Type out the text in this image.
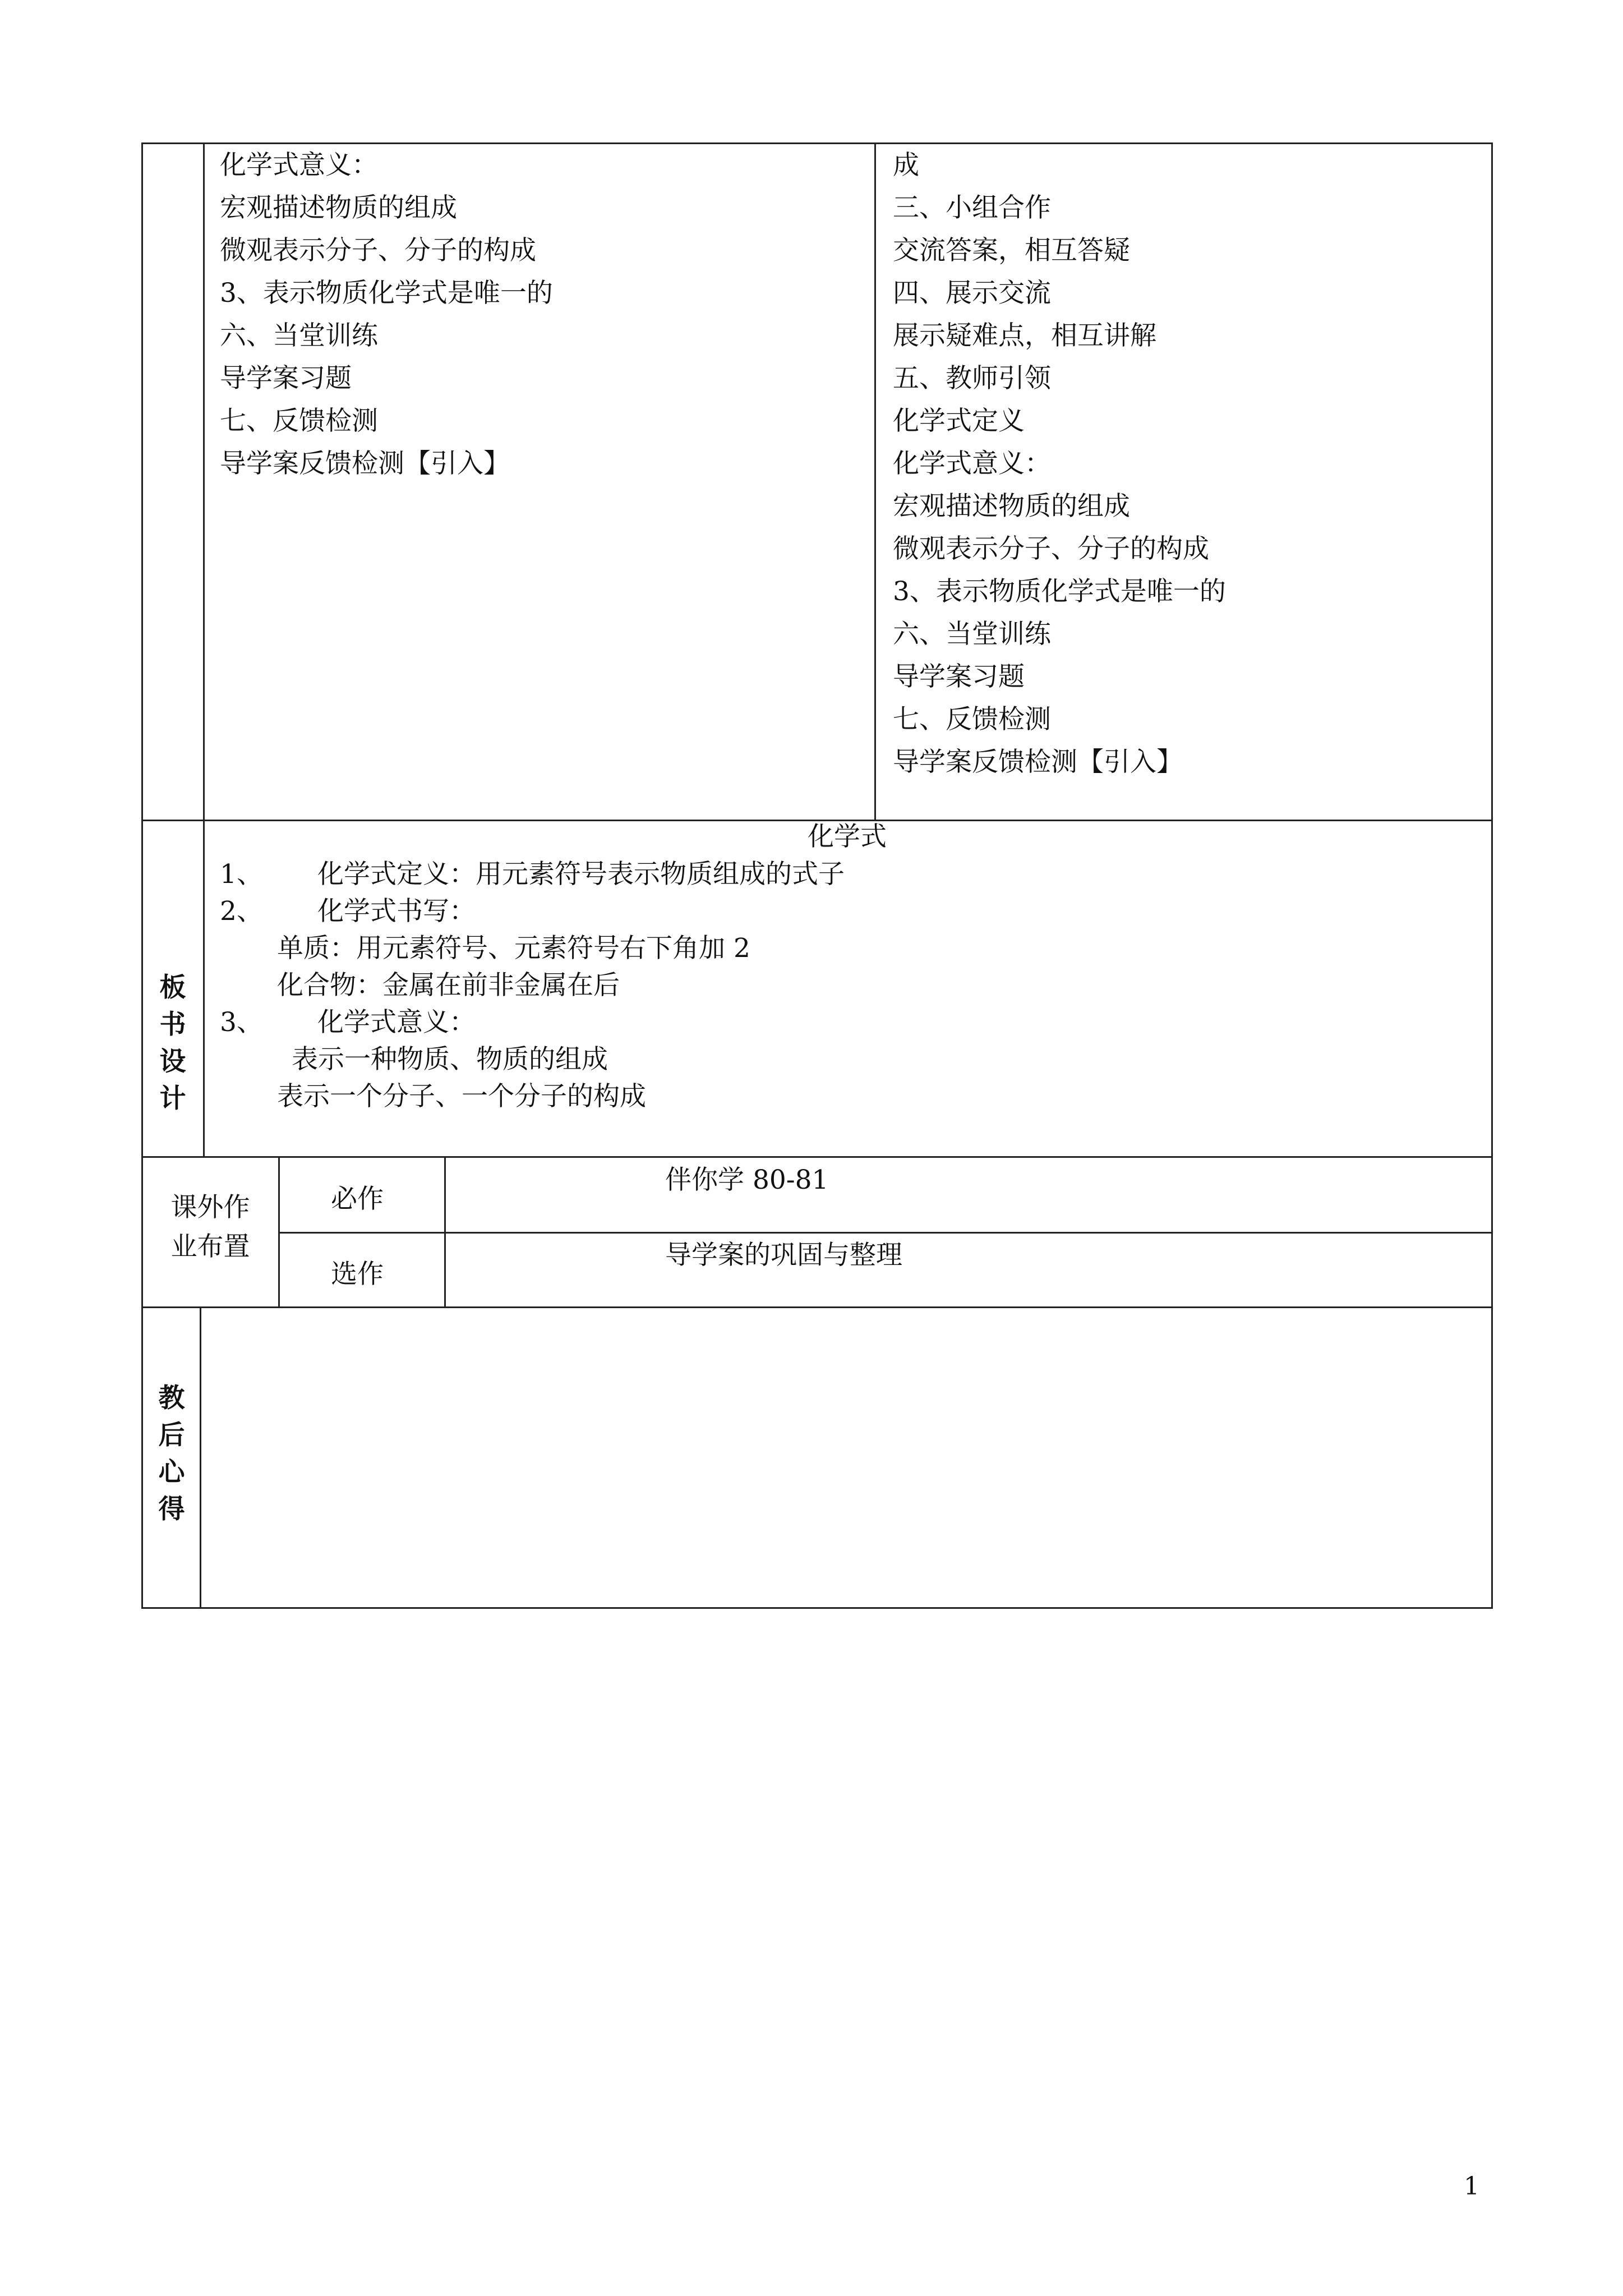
化学式意义：
宏观描述物质的组成
微观表示分子、分子的构成
3、表示物质化学式是唯一的
六、当堂训练
导学案习题
七、反馈检测
导学案反馈检测【引入】
成
三、小组合作
交流答案，相互答疑
四、展示交流
展示疑难点，相互讲解
五、教师引领
化学式定义
化学式意义：
宏观描述物质的组成
微观表示分子、分子的构成
3、表示物质化学式是唯一的
六、当堂训练
导学案习题
七、反馈检测
导学案反馈检测【引入】
板
书
设
计
化学式
1、 化学式定义：用元素符号表示物质组成的式子
2、 化学式书写：
单质：用元素符号、元素符号右下角加 2
化合物：金属在前非金属在后
3、 化学式意义：
表示一种物质、物质的组成
表示一个分子、一个分子的构成
课外作
业布置
必作
伴你学 80-81
选作
导学案的巩固与整理
教
后
心
得
1
